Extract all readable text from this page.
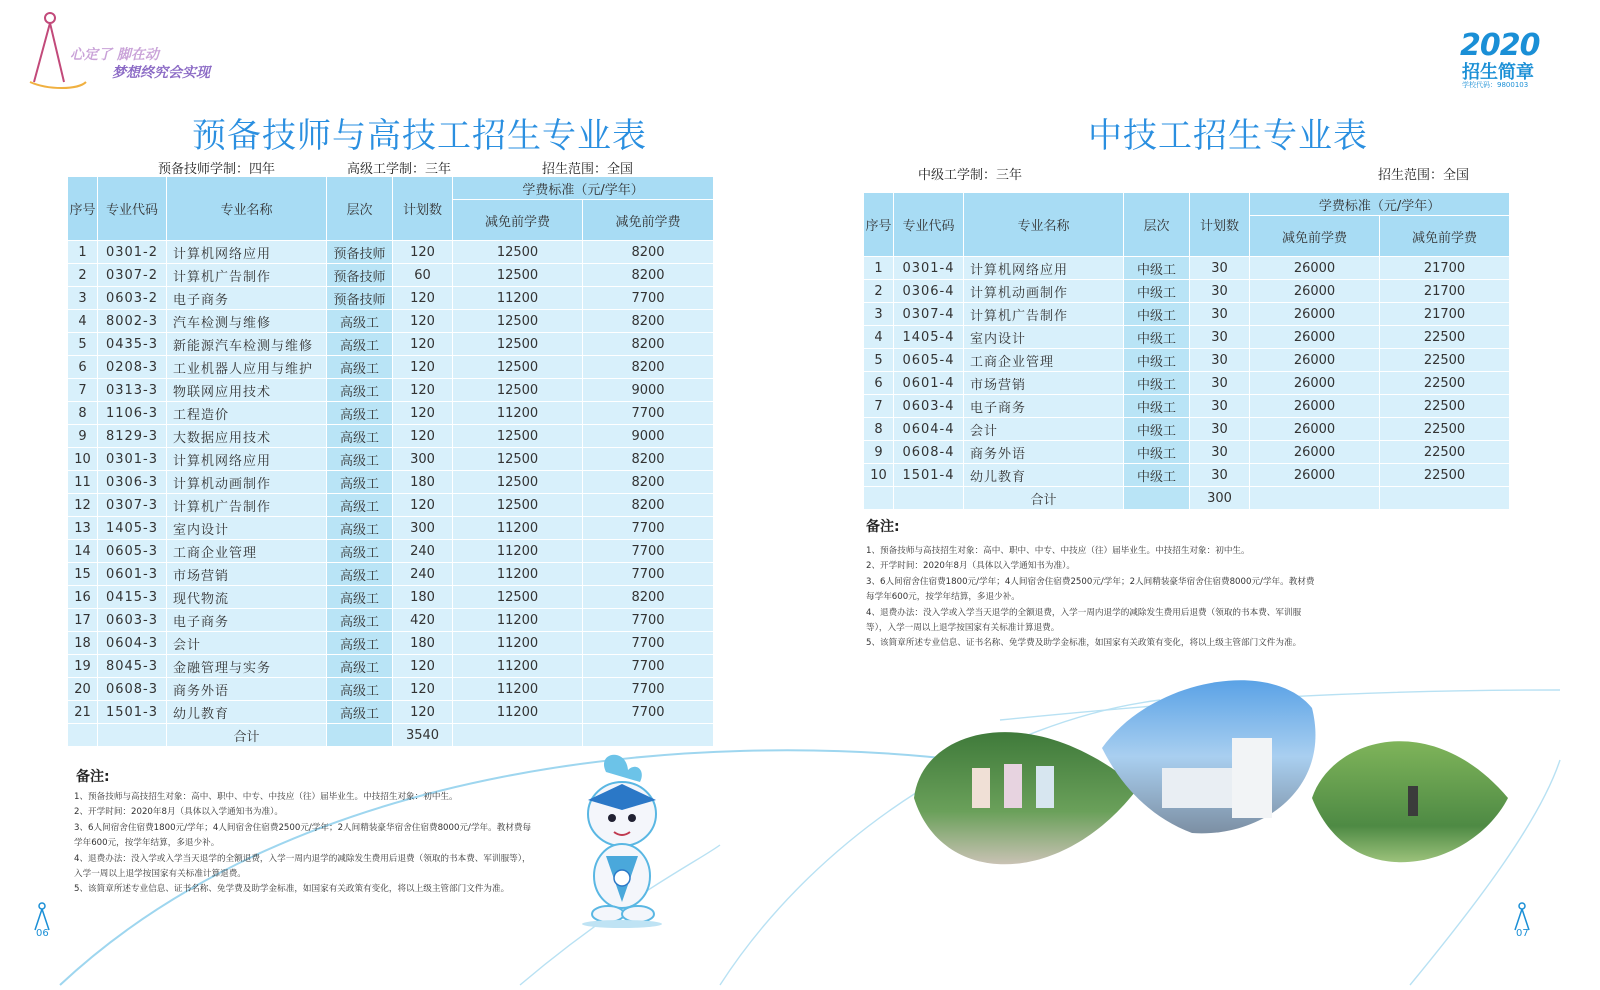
心定了 脚在动
梦想终究会实现
2020
招生简章
学校代码：9800103
预备技师与高技工招生专业表
预备技师学制：四年	高级工学制：三年	招生范围：全国
序号	专业代码	专业名称	层次	计划数	学费标准（元/学年）	
					减免前学费	减免前学费
1	0301-2	计算机网络应用	预备技师	120	12500	8200
2	0307-2	计算机广告制作	预备技师	60	12500	8200
3	0603-2	电子商务	预备技师	120	11200	7700
4	8002-3	汽车检测与维修	高级工	120	12500	8200
5	0435-3	新能源汽车检测与维修	高级工	120	12500	8200
6	0208-3	工业机器人应用与维护	高级工	120	12500	8200
7	0313-3	物联网应用技术	高级工	120	12500	9000
8	1106-3	工程造价	高级工	120	11200	7700
9	8129-3	大数据应用技术	高级工	120	12500	9000
10	0301-3	计算机网络应用	高级工	300	12500	8200
11	0306-3	计算机动画制作	高级工	180	12500	8200
12	0307-3	计算机广告制作	高级工	120	12500	8200
13	1405-3	室内设计	高级工	300	11200	7700
14	0605-3	工商企业管理	高级工	240	11200	7700
15	0601-3	市场营销	高级工	240	11200	7700
16	0415-3	现代物流	高级工	180	12500	8200
17	0603-3	电子商务	高级工	420	11200	7700
18	0604-3	会计	高级工	180	11200	7700
19	8045-3	金融管理与实务	高级工	120	11200	7700
20	0608-3	商务外语	高级工	120	11200	7700
21	1501-3	幼儿教育	高级工	120	11200	7700
		合计		3540		
备注:
1、预备技师与高技招生对象：高中、职中、中专、中技应（往）届毕业生。中技招生对象：初中生。
2、开学时间：2020年8月（具体以入学通知书为准）。
3、6人间宿舍住宿费1800元/学年；4人间宿舍住宿费2500元/学年；2人间精装豪华宿舍住宿费8000元/学年。教材费每学年600元，按学年结算，多退少补。
4、退费办法：没入学或入学当天退学的全额退费，入学一周内退学的减除发生费用后退费（领取的书本费、军训服等），入学一周以上退学按国家有关标准计算退费。
5、该简章所述专业信息、证书名称、免学费及助学金标准，如国家有关政策有变化，将以上级主管部门文件为准。
中技工招生专业表
中级工学制：三年	招生范围：全国
序号	专业代码	专业名称	层次	计划数	学费标准（元/学年）	
					减免前学费	减免前学费
1	0301-4	计算机网络应用	中级工	30	26000	21700
2	0306-4	计算机动画制作	中级工	30	26000	21700
3	0307-4	计算机广告制作	中级工	30	26000	21700
4	1405-4	室内设计	中级工	30	26000	22500
5	0605-4	工商企业管理	中级工	30	26000	22500
6	0601-4	市场营销	中级工	30	26000	22500
7	0603-4	电子商务	中级工	30	26000	22500
8	0604-4	会计	中级工	30	26000	22500
9	0608-4	商务外语	中级工	30	26000	22500
10	1501-4	幼儿教育	中级工	30	26000	22500
		合计		300		
备注:
1、预备技师与高技招生对象：高中、职中、中专、中技应（往）届毕业生。中技招生对象：初中生。
2、开学时间：2020年8月（具体以入学通知书为准）。
3、6人间宿舍住宿费1800元/学年；4人间宿舍住宿费2500元/学年；2人间精装豪华宿舍住宿费8000元/学年。教材费每学年600元，按学年结算，多退少补。
4、退费办法：没入学或入学当天退学的全额退费，入学一周内退学的减除发生费用后退费（领取的书本费、军训服等），入学一周以上退学按国家有关标准计算退费。
5、该简章所述专业信息、证书名称、免学费及助学金标准，如国家有关政策有变化，将以上级主管部门文件为准。
06	07
